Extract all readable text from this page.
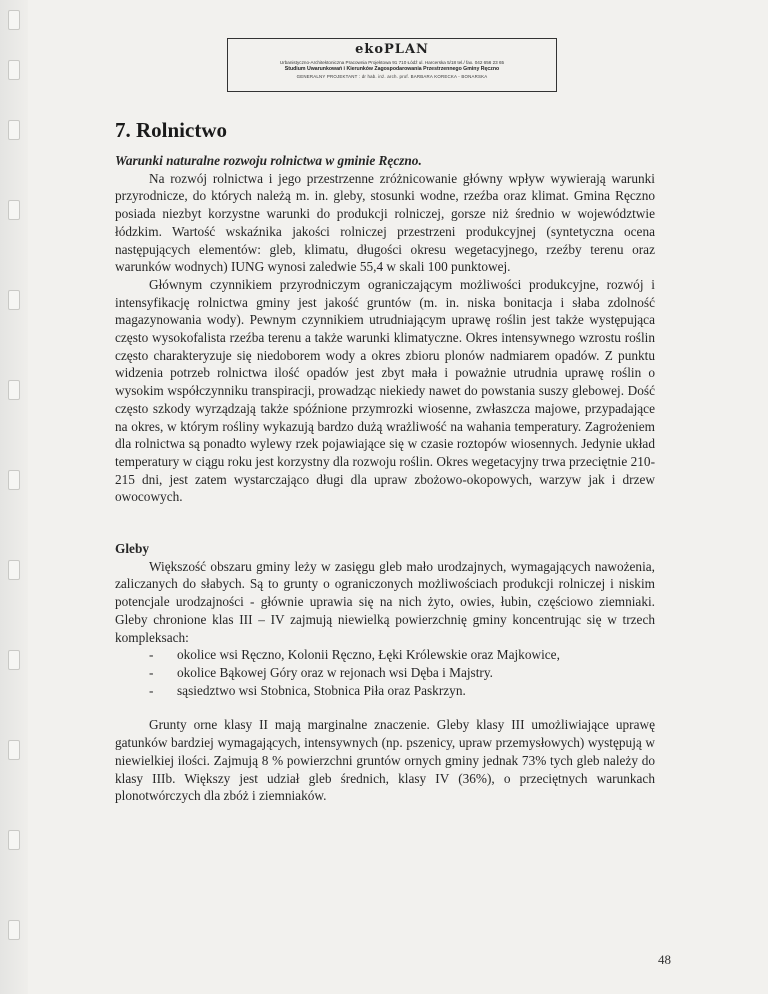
ekoPLAN
Urbanistyczno-Architektoniczna Pracownia Projektowa 91 710 Łódź ul. Harcerska 5/18 tel./ fax. 042 656 23 65
Studium Uwarunkowań i Kierunków Zagospodarowania Przestrzennego Gminy Ręczno
GENERALNY PROJEKTANT : dr hab. inż. arch. prof. BARBARA KORECKA - BONARSKA
7. Rolnictwo

Warunki naturalne rozwoju rolnictwa w gminie Ręczno.

Na rozwój rolnictwa i jego przestrzenne zróżnicowanie główny wpływ wywierają warunki przyrodnicze, do których należą m. in. gleby, stosunki wodne, rzeźba oraz klimat. Gmina Ręczno posiada niezbyt korzystne warunki do produkcji rolniczej, gorsze niż średnio w województwie łódzkim. Wartość wskaźnika jakości rolniczej przestrzeni produkcyjnej (syntetyczna ocena następujących elementów: gleb, klimatu, długości okresu wegetacyjnego, rzeźby terenu oraz warunków wodnych) IUNG wynosi zaledwie 55,4 w skali 100 punktowej.

Głównym czynnikiem przyrodniczym ograniczającym możliwości produkcyjne, rozwój i intensyfikację rolnictwa gminy jest jakość gruntów (m. in. niska bonitacja i słaba zdolność magazynowania wody). Pewnym czynnikiem utrudniającym uprawę roślin jest także występująca często wysokofalista rzeźba terenu a także warunki klimatyczne. Okres intensywnego wzrostu roślin często charakteryzuje się niedoborem wody a okres zbioru plonów nadmiarem opadów. Z punktu widzenia potrzeb rolnictwa ilość opadów jest zbyt mała i poważnie utrudnia uprawę roślin o wysokim współczynniku transpiracji, prowadząc niekiedy nawet do powstania suszy glebowej. Dość często szkody wyrządzają także spóźnione przymrozki wiosenne, zwłaszcza majowe, przypadające na okres, w którym rośliny wykazują bardzo dużą wrażliwość na wahania temperatury. Zagrożeniem dla rolnictwa są ponadto wylewy rzek pojawiające się w czasie roztopów wiosennych. Jedynie układ temperatury w ciągu roku jest korzystny dla rozwoju roślin. Okres wegetacyjny trwa przeciętnie 210-215 dni, jest zatem wystarczająco długi dla upraw zbożowo-okopowych, warzyw jak i drzew owocowych.

Gleby

Większość obszaru gminy leży w zasięgu gleb mało urodzajnych, wymagających nawożenia, zaliczanych do słabych. Są to grunty o ograniczonych możliwościach produkcji rolniczej i niskim potencjale urodzajności - głównie uprawia się na nich żyto, owies, łubin, częściowo ziemniaki. Gleby chronione klas III – IV zajmują niewielką powierzchnię gminy koncentrując się w trzech kompleksach:

- okolice wsi Ręczno, Kolonii Ręczno, Łęki Królewskie oraz Majkowice,
- okolice Bąkowej Góry oraz w rejonach wsi Dęba i Majstry.
- sąsiedztwo wsi Stobnica, Stobnica Piła oraz Paskrzyn.

Grunty orne klasy II mają marginalne znaczenie. Gleby klasy III umożliwiające uprawę gatunków bardziej wymagających, intensywnych (np. pszenicy, upraw przemysłowych) występują w niewielkiej ilości. Zajmują 8 % powierzchni gruntów ornych gminy jednak 73% tych gleb należy do klasy IIIb. Większy jest udział gleb średnich, klasy IV (36%), o przeciętnych warunkach plonotwórczych dla zbóż i ziemniaków.

48
